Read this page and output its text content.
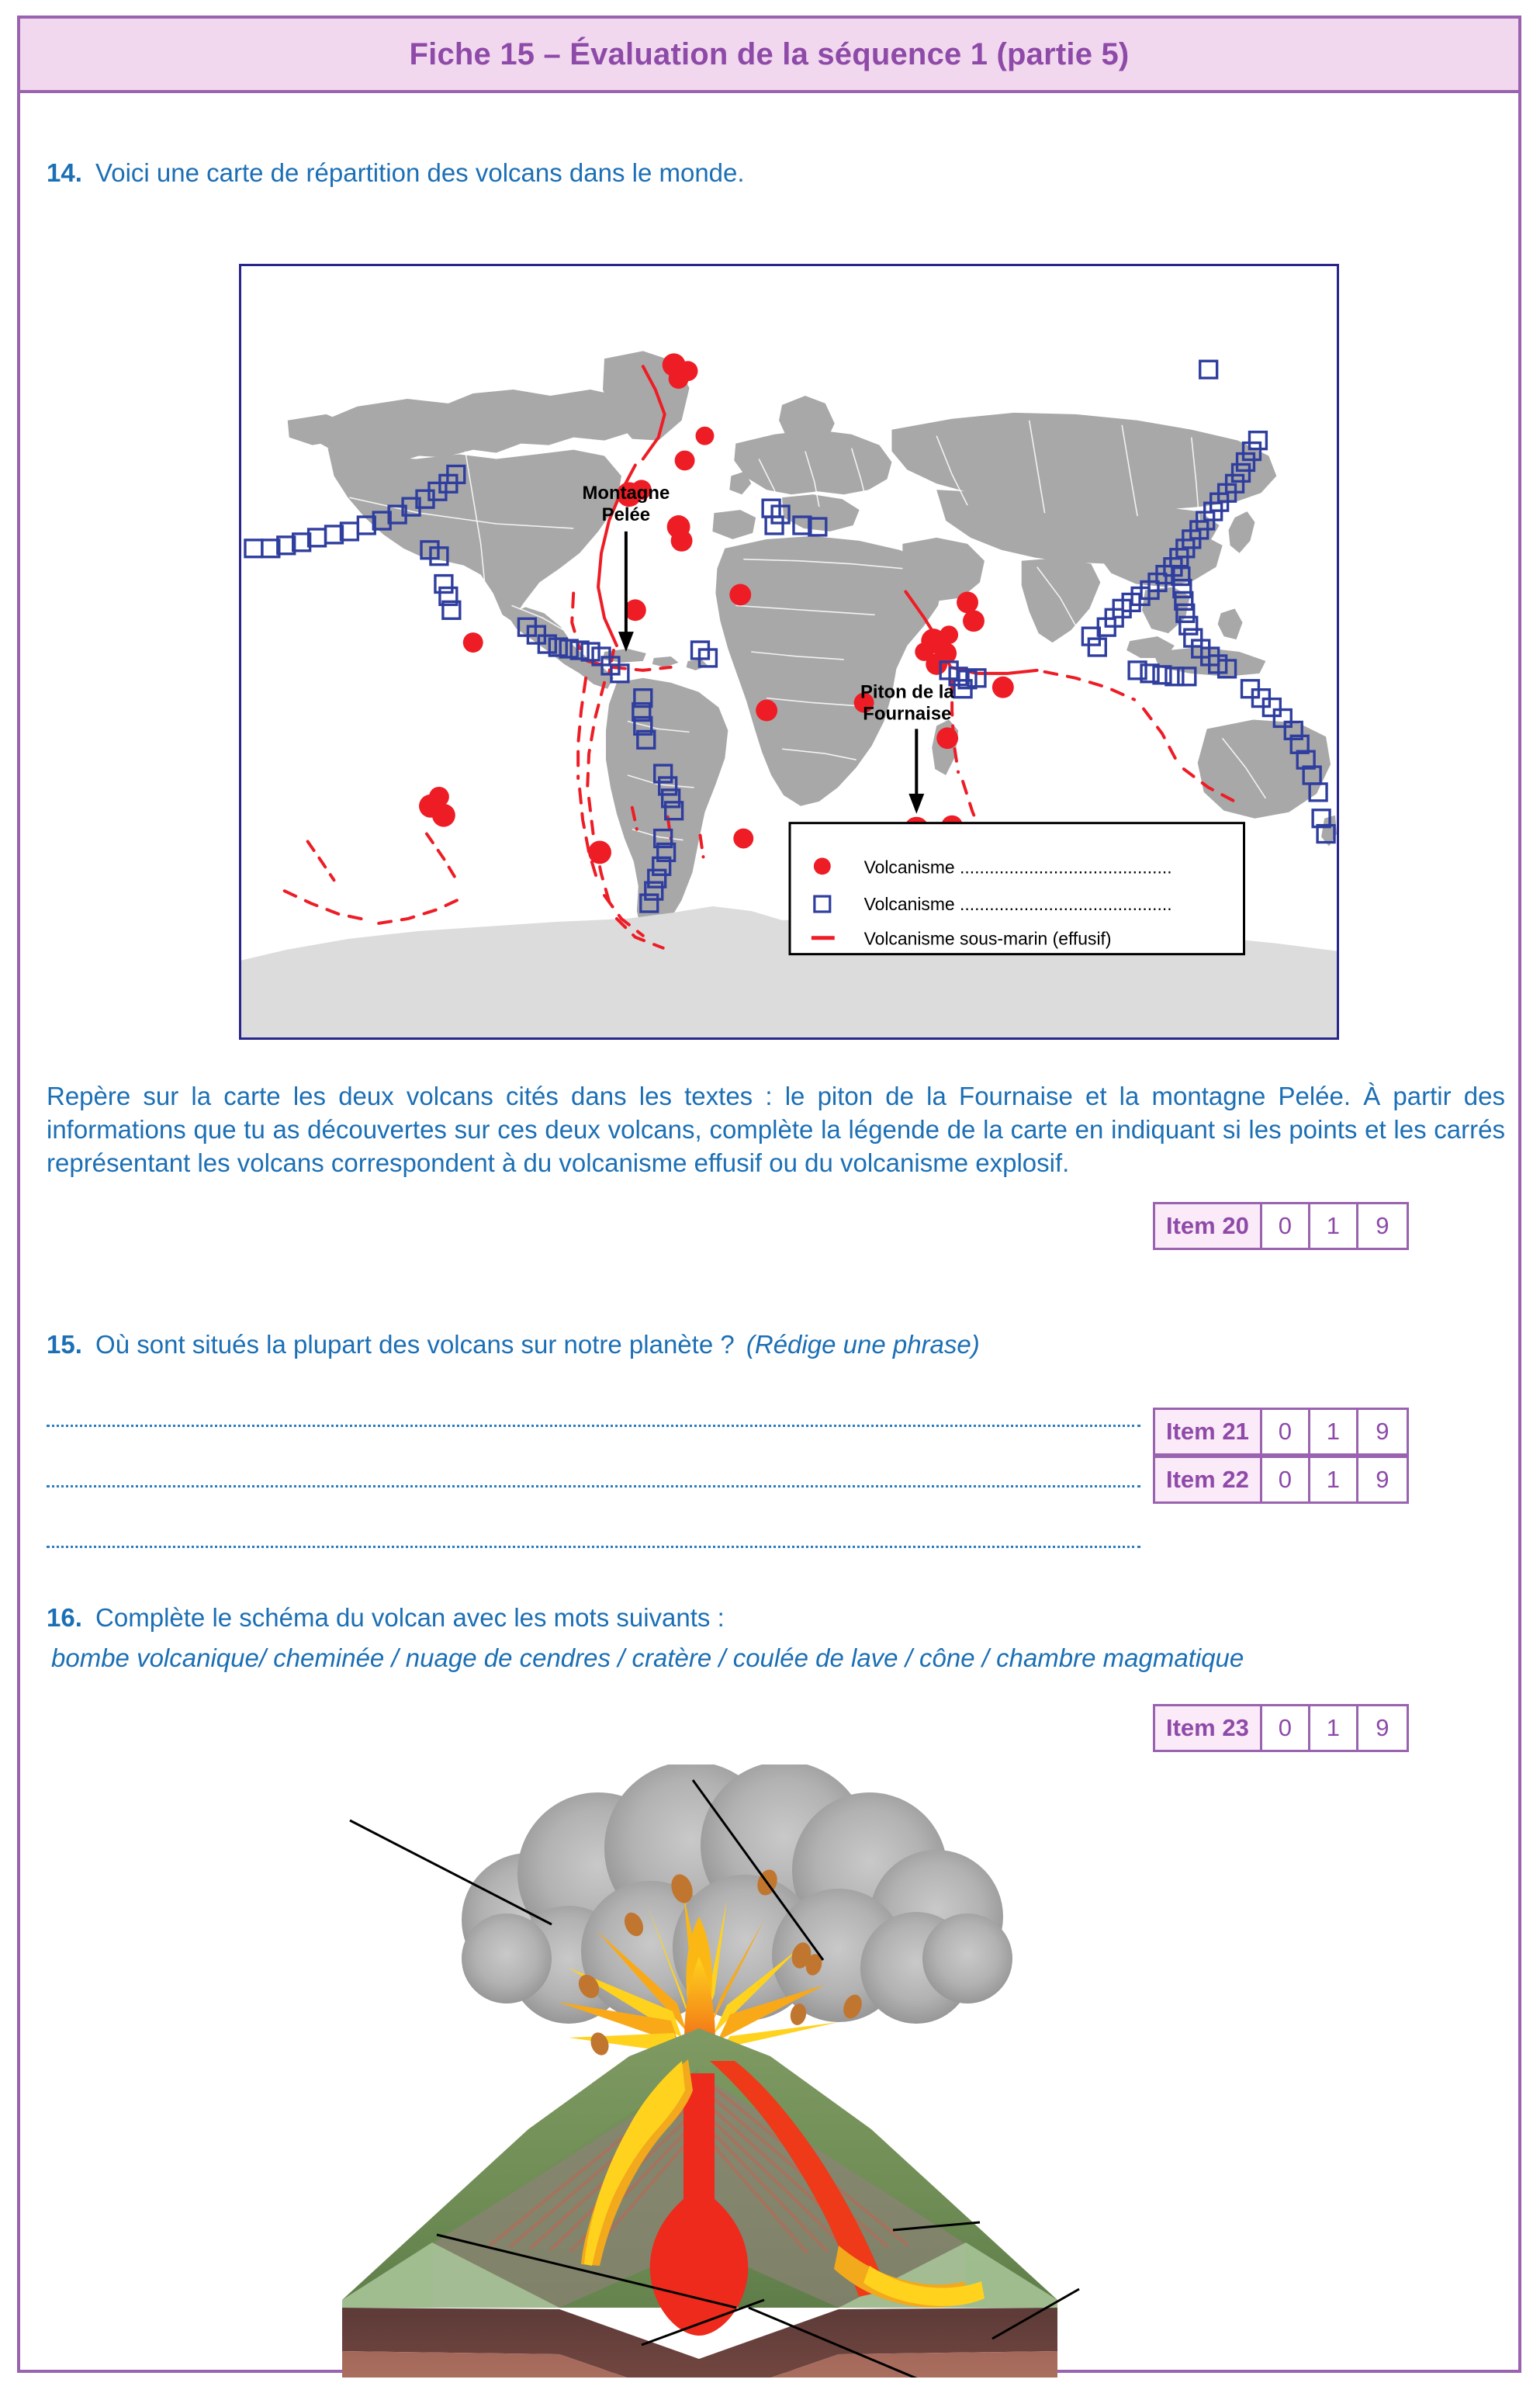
Fiche 15 – Évaluation de la séquence 1 (partie 5)
14. Voici une carte de répartition des volcans dans le monde.
Montagne
Pelée
Piton de la
Fournaise
Volcanisme ...........................................
Volcanisme ...........................................
Volcanisme sous-marin (effusif)
Repère sur la carte les deux volcans cités dans les textes : le piton de la Fournaise et la montagne Pelée. À partir des informations que tu as découvertes sur ces deux volcans, complète la légende de la carte en indiquant si les points et les carrés représentant les volcans correspondent à du volcanisme effusif ou du volcanisme explosif.
Item 20	0	1	9
15. Où sont situés la plupart des volcans sur notre planète ? (Rédige une phrase)
Item 21	0	1	9
Item 22	0	1	9
16. Complète le schéma du volcan avec les mots suivants :
bombe volcanique/ cheminée / nuage de cendres / cratère / coulée de lave / cône / chambre magmatique
Item 23	0	1	9
